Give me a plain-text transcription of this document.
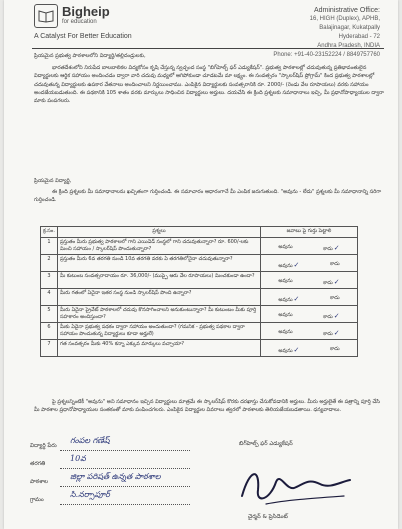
Bigheip
for education
A Catalyst For Better Education
Administrative Office:
16, HIGH (Duplex), APHB,
Balajinagar, Kukatpally
Hyderabad - 72
Andhra Pradesh, INDIA
Phone: +91-40-23152224 / 8849757760
ప్రియమైన ప్రభుత్వ పాఠశాలలోని విద్యార్థి/తల్లిదండ్రులకు,
భారతదేశంలోని నిరుపేద బాలబాలికల విద్యకోసం కృషి చేస్తున్న స్వచ్ఛంద సంస్థ "బిగ్‌హెల్ప్ ఫర్ ఎడ్యుకేషన్". ప్రభుత్వ పాఠశాలల్లో చదువుతున్న ప్రతిభావంతులైన విద్యార్థులకు ఆర్థిక సహాయం అందించడం ద్వారా వారి చదువు మధ్యలో ఆగిపోకుండా చూడటమే మా లక్ష్యం. ఈ సంవత్సరం "స్కాలర్‌షిప్ ప్రోగ్రామ్" కింద ప్రభుత్వ పాఠశాలల్లో చదువుతున్న విద్యార్థులకు ఉపకార వేతనాలు అందించాలని నిర్ణయించాము. ఎంపికైన విద్యార్థులకు సంవత్సరానికి రూ. 2000/- (రెండు వేల రూపాయలు) వరకు సహాయం అందజేయబడుతుంది. ఈ పథకానికి 105 శాతం వరకు మార్కులు సాధించిన విద్యార్థులు అర్హులు. దయచేసి ఈ క్రింది ప్రశ్నలకు సమాధానాలు ఇచ్చి, మీ ప్రధానోపాధ్యాయుల ద్వారా మాకు పంపగలరు.
ప్రియమైన విద్యార్థి,
ఈ క్రింది ప్రశ్నలకు మీ సమాధానాలను ఖచ్చితంగా గుర్తించండి. ఈ సమాచారం ఆధారంగానే మీ ఎంపిక జరుగుతుంది. "అవును - లేదు" ప్రశ్నలకు మీ సమాధానాన్ని సరిగా గుర్తించండి.
క్ర.సం.	ప్రశ్నలు	జవాబు పై గుర్తు పెట్టాలి
1	ప్రస్తుతం మీరు ప్రభుత్వ పాఠశాలలో గాని ఎయిడెడ్ సంస్థలో గాని చదువుతున్నారా? రూ. 600/-లకు మించి సహాయం / స్కాలర్‌షిప్ పొందుతున్నారా?	అవును కాదు✓

2	ప్రస్తుతం మీరు 6వ తరగతి నుండి 10వ తరగతి వరకు ఏ తరగతిలోనైనా చదువుతున్నారా?	అవును✓ కాదు

3	మీ కుటుంబ సంవత్సరాదాయం రూ. 36,000/- (ముప్పై ఆరు వేల రూపాయలు) మించకుండా ఉందా?	అవును కాదు✓

4	మీరు గతంలో ఏదైనా ఇతర సంస్థ నుండి స్కాలర్‌షిప్ పొంది ఉన్నారా?	అవును✓ కాదు

5	మీరు ఏదైనా ప్రైవేట్ పాఠశాలలో చదువు కొనసాగించాలని అనుకుంటున్నారా? మీ కుటుంబం మీకు పూర్తి సహకారం అందిస్తుందా?	అవును కాదు✓

6	మీకు ఏదైనా ప్రభుత్వ పథకం ద్వారా సహాయం అందుతుందా? (గమనిక - ప్రభుత్వ పథకాల ద్వారా సహాయం పొందుతున్న విద్యార్థులు కూడా అర్హులే)	అవును కాదు✓

7	గత సంవత్సరం మీకు 40% కన్నా ఎక్కువ మార్కులు వచ్చాయా?	అవును✓ కాదు
పై ప్రశ్నలన్నింటికీ "అవును" అని సమాధానం ఇచ్చిన విద్యార్థులు మాత్రమే ఈ స్కాలర్‌షిప్ కొరకు దరఖాస్తు చేసుకోవడానికి అర్హులు. మీరు అర్హులైతే ఈ పత్రాన్ని పూర్తి చేసి మీ పాఠశాల ప్రధానోపాధ్యాయుల సంతకంతో మాకు పంపించగలరు. ఎంపికైన విద్యార్థుల వివరాలు త్వరలో పాఠశాలకు తెలియజేయబడతాయి. ధన్యవాదాలు.
విద్యార్థి పేరు
గంపల గణేష్
తరగతి
10వ
పాఠశాల
జిల్లా పరిషత్ ఉన్నత పాఠశాల
గ్రామం
సి.నర్సాపూర్
బిగ్‌హెల్ప్ ఫర్ ఎడ్యుకేషన్
చైర్మన్ & ప్రెసిడెంట్
